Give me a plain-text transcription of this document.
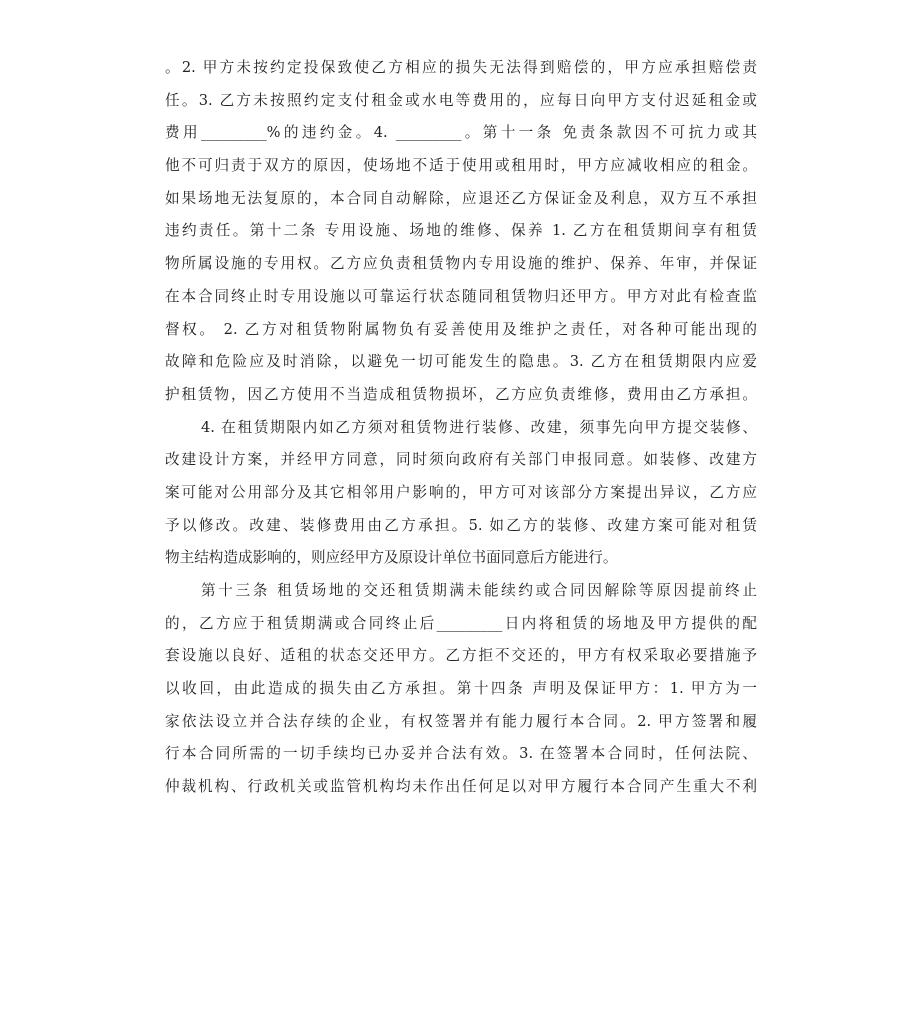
。2. 甲方未按约定投保致使乙方相应的损失无法得到赔偿的，甲方应承担赔偿责
任。3. 乙方未按照约定支付租金或水电等费用的，应每日向甲方支付迟延租金或
费用_________%的违约金。4. _________。第十一条 免责条款因不可抗力或其
他不可归责于双方的原因，使场地不适于使用或租用时，甲方应减收相应的租金。
如果场地无法复原的，本合同自动解除，应退还乙方保证金及利息，双方互不承担
违约责任。第十二条 专用设施、场地的维修、保养 1. 乙方在租赁期间享有租赁
物所属设施的专用权。乙方应负责租赁物内专用设施的维护、保养、年审，并保证
在本合同终止时专用设施以可靠运行状态随同租赁物归还甲方。甲方对此有检查监
督权。 2. 乙方对租赁物附属物负有妥善使用及维护之责任，对各种可能出现的
故障和危险应及时消除，以避免一切可能发生的隐患。3. 乙方在租赁期限内应爱
护租赁物，因乙方使用不当造成租赁物损坏，乙方应负责维修，费用由乙方承担。
4. 在租赁期限内如乙方须对租赁物进行装修、改建，须事先向甲方提交装修、
改建设计方案，并经甲方同意，同时须向政府有关部门申报同意。如装修、改建方
案可能对公用部分及其它相邻用户影响的，甲方可对该部分方案提出异议，乙方应
予以修改。改建、装修费用由乙方承担。5. 如乙方的装修、改建方案可能对租赁
物主结构造成影响的，则应经甲方及原设计单位书面同意后方能进行。
第十三条 租赁场地的交还租赁期满未能续约或合同因解除等原因提前终止
的，乙方应于租赁期满或合同终止后_________日内将租赁的场地及甲方提供的配
套设施以良好、适租的状态交还甲方。乙方拒不交还的，甲方有权采取必要措施予
以收回，由此造成的损失由乙方承担。第十四条 声明及保证甲方：1. 甲方为一
家依法设立并合法存续的企业，有权签署并有能力履行本合同。2. 甲方签署和履
行本合同所需的一切手续均已办妥并合法有效。3. 在签署本合同时，任何法院、
仲裁机构、行政机关或监管机构均未作出任何足以对甲方履行本合同产生重大不利
